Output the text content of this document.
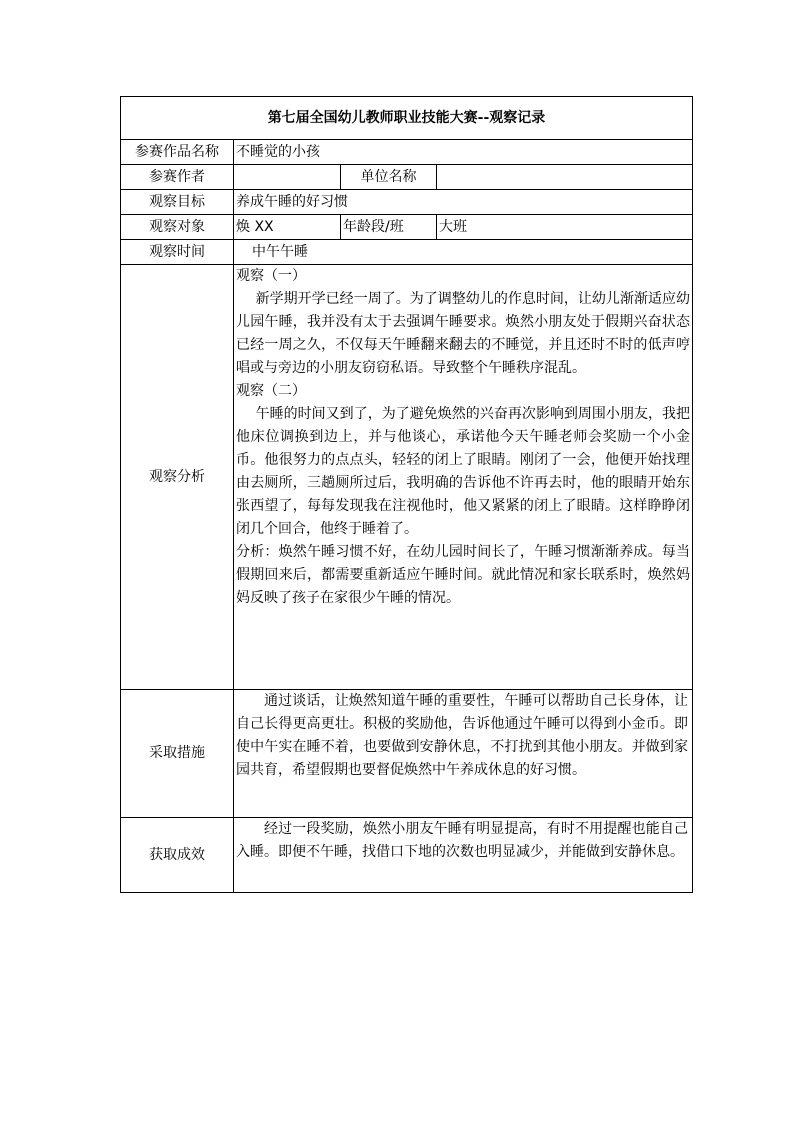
第七届全国幼儿教师职业技能大赛--观察记录			
参赛作品名称	不睡觉的小孩		
参赛作者		单位名称	
观察目标	养成午睡的好习惯		
观察对象	焕 XX	年龄段/班	大班
观察时间	中午午睡		
观察分析	观察（一）

新学期开学已经一周了。为了调整幼儿的作息时间，让幼儿渐渐适应幼儿园午睡，我并没有太于去强调午睡要求。焕然小朋友处于假期兴奋状态已经一周之久，不仅每天午睡翻来翻去的不睡觉，并且还时不时的低声哼唱或与旁边的小朋友窃窃私语。导致整个午睡秩序混乱。

观察（二）

午睡的时间又到了，为了避免焕然的兴奋再次影响到周围小朋友，我把他床位调换到边上，并与他谈心，承诺他今天午睡老师会奖励一个小金币。他很努力的点点头，轻轻的闭上了眼睛。刚闭了一会，他便开始找理由去厕所，三趟厕所过后，我明确的告诉他不许再去时，他的眼睛开始东张西望了，每每发现我在注视他时，他又紧紧的闭上了眼睛。这样睁睁闭闭几个回合，他终于睡着了。

分析：焕然午睡习惯不好，在幼儿园时间长了，午睡习惯渐渐养成。每当假期回来后，都需要重新适应午睡时间。就此情况和家长联系时，焕然妈妈反映了孩子在家很少午睡的情况。		

采取措施	通过谈话，让焕然知道午睡的重要性，午睡可以帮助自己长身体，让自己长得更高更壮。积极的奖励他，告诉他通过午睡可以得到小金币。即使中午实在睡不着，也要做到安静休息，不打扰到其他小朋友。并做到家园共育，希望假期也要督促焕然中午养成休息的好习惯。		

获取成效	经过一段奖励，焕然小朋友午睡有明显提高，有时不用提醒也能自己入睡。即便不午睡，找借口下地的次数也明显减少，并能做到安静休息。		
